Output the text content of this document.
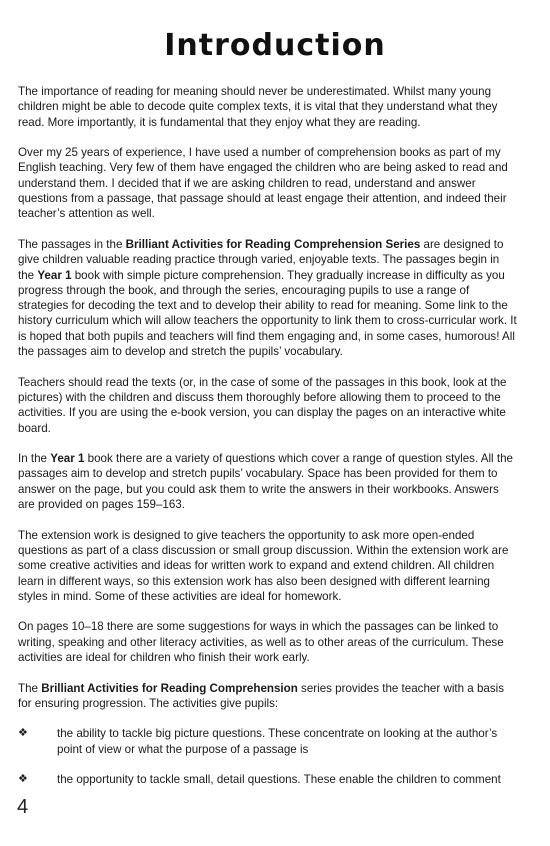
Introduction

The importance of reading for meaning should never be underestimated. Whilst many young children might be able to decode quite complex texts, it is vital that they understand what they read. More importantly, it is fundamental that they enjoy what they are reading.

Over my 25 years of experience, I have used a number of comprehension books as part of my English teaching. Very few of them have engaged the children who are being asked to read and understand them. I decided that if we are asking children to read, understand and answer questions from a passage, that passage should at least engage their attention, and indeed their teacher’s attention as well.

The passages in the Brilliant Activities for Reading Comprehension Series are designed to give children valuable reading practice through varied, enjoyable texts. The passages begin in the Year 1 book with simple picture comprehension. They gradually increase in difficulty as you progress through the book, and through the series, encouraging pupils to use a range of strategies for decoding the text and to develop their ability to read for meaning. Some link to the history curriculum which will allow teachers the opportunity to link them to cross-curricular work. It is hoped that both pupils and teachers will find them engaging and, in some cases, humorous! All the passages aim to develop and stretch the pupils’ vocabulary.

Teachers should read the texts (or, in the case of some of the passages in this book, look at the pictures) with the children and discuss them thoroughly before allowing them to proceed to the activities. If you are using the e-book version, you can display the pages on an interactive white board.

In the Year 1 book there are a variety of questions which cover a range of question styles. All the passages aim to develop and stretch pupils’ vocabulary. Space has been provided for them to answer on the page, but you could ask them to write the answers in their workbooks. Answers are provided on pages 159–163.

The extension work is designed to give teachers the opportunity to ask more open-ended questions as part of a class discussion or small group discussion. Within the extension work are some creative activities and ideas for written work to expand and extend children. All children learn in different ways, so this extension work has also been designed with different learning styles in mind. Some of these activities are ideal for homework.

On pages 10–18 there are some suggestions for ways in which the passages can be linked to writing, speaking and other literacy activities, as well as to other areas of the curriculum. These activities are ideal for children who finish their work early.

The Brilliant Activities for Reading Comprehension series provides the teacher with a basis for ensuring progression. The activities give pupils:

❖	the ability to tackle big picture questions. These concentrate on looking at the author’s point of view or what the purpose of a passage is
❖	the opportunity to tackle small, detail questions. These enable the children to comment
4
